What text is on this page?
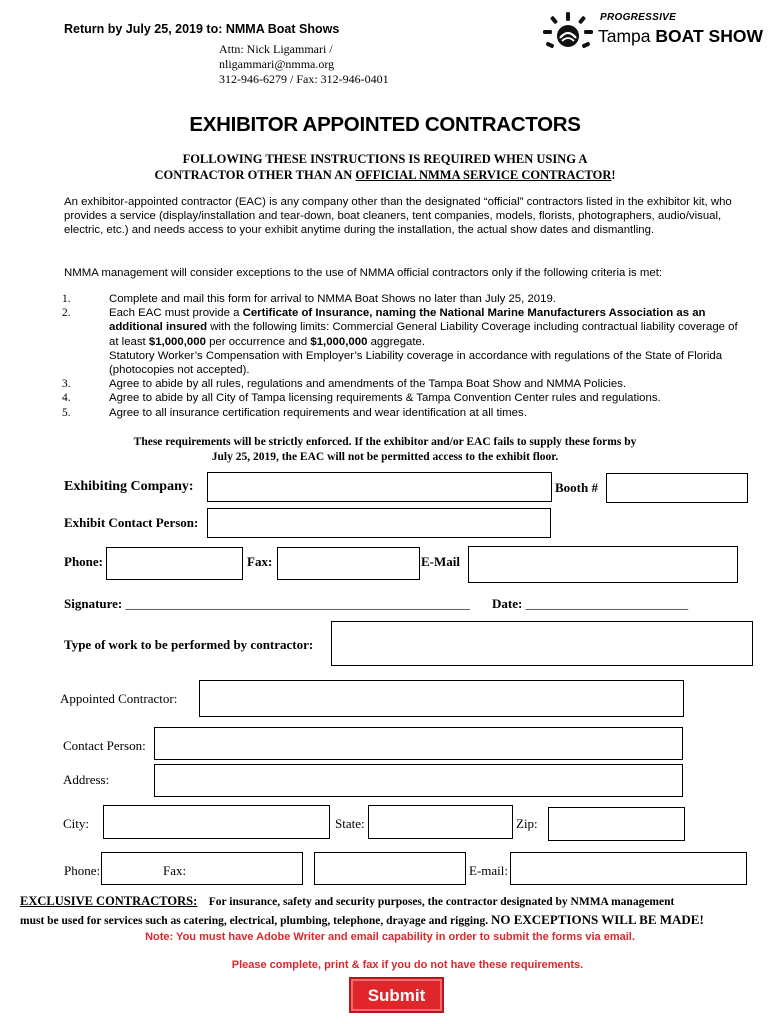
Return by July 25, 2019 to: NMMA Boat Shows
Attn: Nick Ligammari /
nligammari@nmma.org
312-946-6279 / Fax: 312-946-0401
PROGRESSIVE
Tampa BOAT SHOW
EXHIBITOR APPOINTED CONTRACTORS
FOLLOWING THESE INSTRUCTIONS IS REQUIRED WHEN USING A
CONTRACTOR OTHER THAN AN OFFICIAL NMMA SERVICE CONTRACTOR!
An exhibitor-appointed contractor (EAC) is any company other than the designated “official” contractors listed in the exhibitor kit, who provides a service (display/installation and tear-down, boat cleaners, tent companies, models, florists, photographers, audio/visual, electric, etc.) and needs access to your exhibit anytime during the installation, the actual show dates and dismantling.
NMMA management will consider exceptions to the use of NMMA official contractors only if the following criteria is met:
1.	Complete and mail this form for arrival to NMMA Boat Shows no later than July 25, 2019.
2.	Each EAC must provide a Certificate of Insurance, naming the National Marine Manufacturers Association as an additional insured with the following limits: Commercial General Liability Coverage including contractual liability coverage of at least $1,000,000 per occurrence and $1,000,000 aggregate.
Statutory Worker’s Compensation with Employer’s Liability coverage in accordance with regulations of the State of Florida (photocopies not accepted).
3.	Agree to abide by all rules, regulations and amendments of the Tampa Boat Show and NMMA Policies.
4.	Agree to abide by all City of Tampa licensing requirements & Tampa Convention Center rules and regulations.
5.	Agree to all insurance certification requirements and wear identification at all times.
These requirements will be strictly enforced. If the exhibitor and/or EAC fails to supply these forms by
July 25, 2019, the EAC will not be permitted access to the exhibit floor.
Exhibiting Company:	Booth #
Exhibit Contact Person:
Phone:	Fax:	E-Mail
Signature: _____________________________________________________ Date: _________________________
Type of work to be performed by contractor:
Appointed Contractor:
Contact Person:
Address:
City:	State:	Zip:
Phone:	Fax:	E-mail:
EXCLUSIVE CONTRACTORS: For insurance, safety and security purposes, the contractor designated by NMMA management
must be used for services such as catering, electrical, plumbing, telephone, drayage and rigging. NO EXCEPTIONS WILL BE MADE!
Note: You must have Adobe Writer and email capability in order to submit the forms via email.
Please complete, print & fax if you do not have these requirements.
Submit
